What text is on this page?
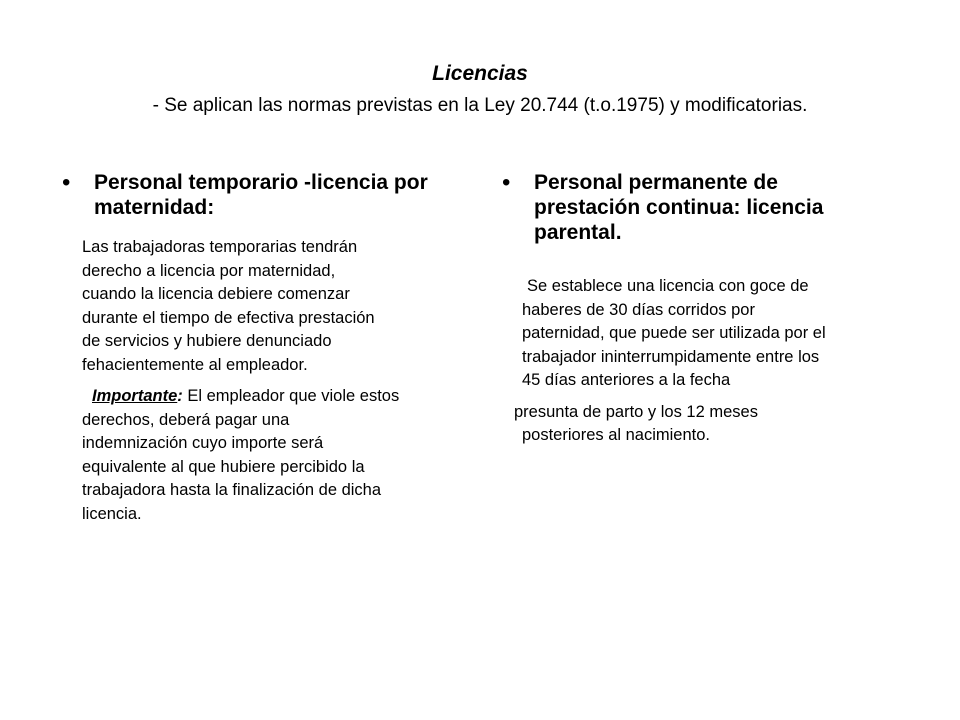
Licencias
- Se aplican las normas previstas en la Ley 20.744 (t.o.1975) y modificatorias.
•	Personal temporario -licencia por
maternidad:
Las trabajadoras temporarias tendrán
derecho a licencia por maternidad,
cuando la licencia debiere comenzar
durante el tiempo de efectiva prestación
de servicios y hubiere denunciado
fehacientemente al empleador.
Importante: El empleador que viole estos
derechos, deberá pagar una
indemnización cuyo importe será
equivalente al que hubiere percibido la
trabajadora hasta la finalización de dicha
licencia.
•	Personal permanente de
prestación continua: licencia
parental.
Se establece una licencia con goce de
haberes de 30 días corridos por
paternidad, que puede ser utilizada por el
trabajador ininterrumpidamente entre los
45 días anteriores a la fecha
presunta de parto y los 12 meses
posteriores al nacimiento.
